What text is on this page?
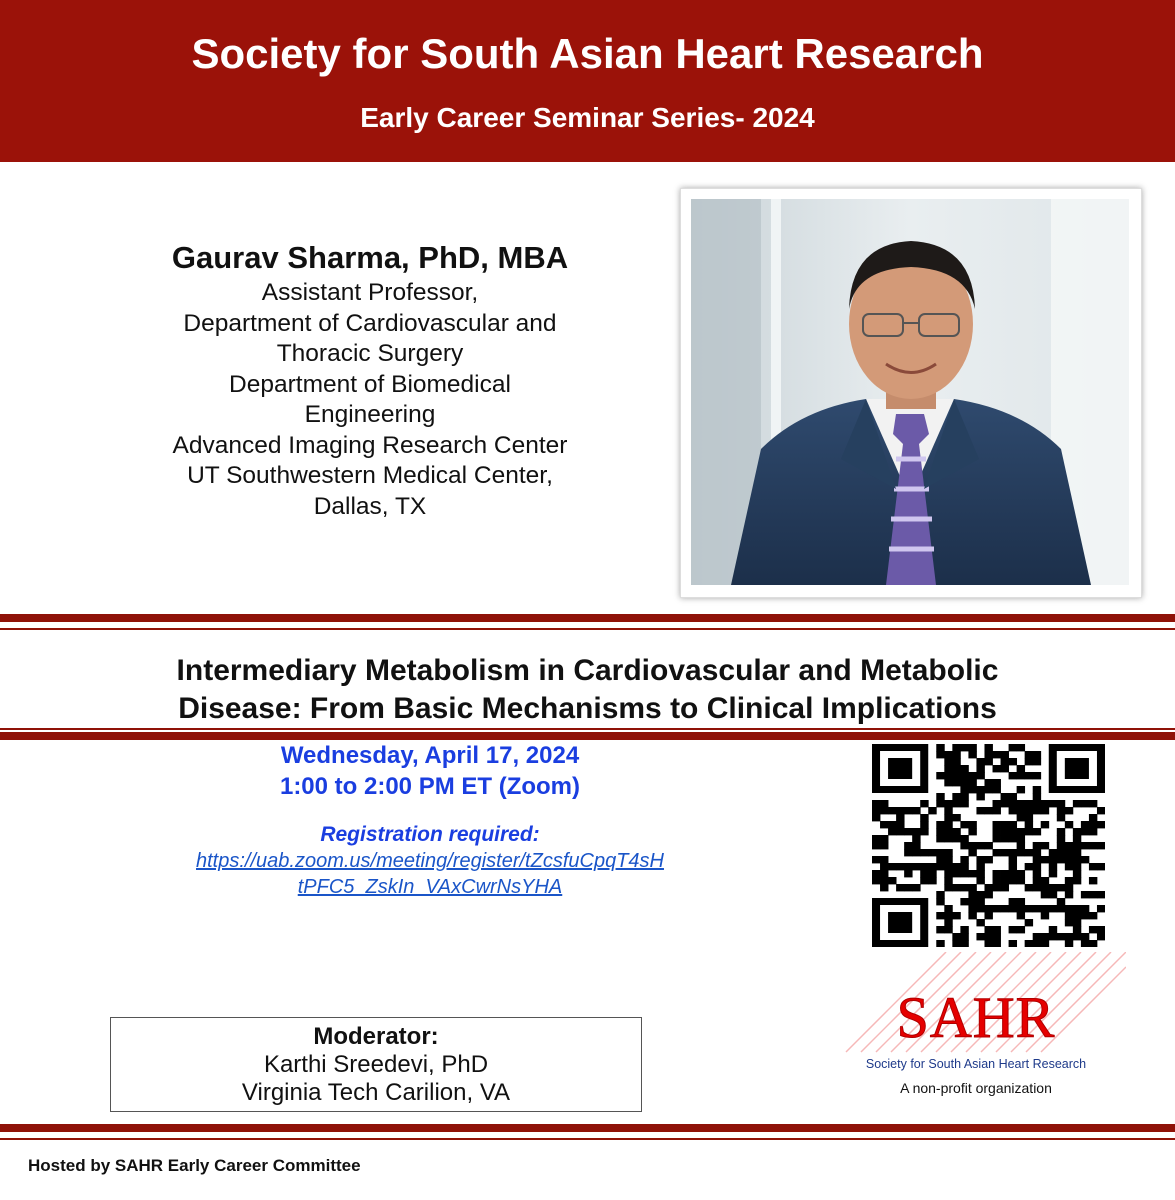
Society for South Asian Heart Research
Early Career Seminar Series- 2024
Gaurav Sharma, PhD, MBA
Assistant Professor,
Department of Cardiovascular and
Thoracic Surgery
Department of Biomedical
Engineering
Advanced Imaging Research Center
UT Southwestern Medical Center,
Dallas, TX
Intermediary Metabolism in Cardiovascular and Metabolic
Disease: From Basic Mechanisms to Clinical Implications
Wednesday, April 17, 2024
1:00 to 2:00 PM ET (Zoom)
Registration required:
https://uab.zoom.us/meeting/register/tZcsfuCpqT4sH
tPFC5_ZskIn_VAxCwrNsYHA
SAHR
Society for South Asian Heart Research
A non-profit organization
Moderator:
Karthi Sreedevi, PhD
Virginia Tech Carilion, VA
Hosted by SAHR Early Career Committee
